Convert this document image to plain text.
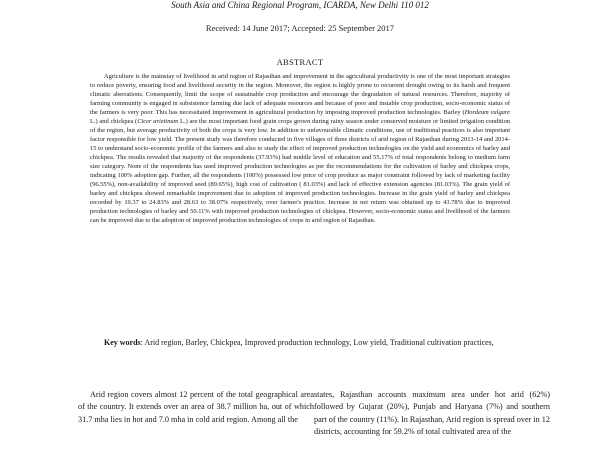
South Asia and China Regional Program, ICARDA, New Delhi 110 012
Received: 14 June 2017; Accepted: 25 September 2017
ABSTRACT

Agriculture is the mainstay of livelihood in arid region of Rajasthan and improvement in the agricultural productivity is one of the most important strategies to reduce poverty, ensuring food and livelihood security in the region. Moreover, the region is highly prone to recurrent drought owing to its harsh and frequent climatic aberrations. Consequently, limit the scope of sustainable crop production and encourage the degradation of natural resources. Therefore, majority of farming community is engaged in subsistence farming due lack of adequate resources and because of poor and instable crop production, socio-economic status of the farmers is very poor. This has necessitated improvement in agricultural production by imposing improved production technologies. Barley (Hordeum vulgare L.) and chickpea (Cicer arietinum L.) are the most important food grain crops grown during rainy season under conserved moisture or limited irrigation condition of the region, but average productivity of both the crops is very low. In addition to unfavourable climatic conditions, use of traditional practices is also important factor responsible for low yield. The present study was therefore conducted in five villages of three districts of arid region of Rajasthan during 2013-14 and 2014-15 to understand socio-economic profile of the farmers and also to study the effect of improved production technologies on the yield and economics of barley and chickpea. The results revealed that majority of the respondents (37.93%) had middle level of education and 55.17% of total respondents belong to medium farm size category. None of the respondents has used improved production technologies as per the recommendations for the cultivation of barley and chickpea crops, indicating 100% adoption gap. Further, all the respondents (100%) possessed low price of crop produce as major constraint followed by lack of marketing facility (96.55%), non-availability of improved seed (89.65%), high cost of cultivation ( 81.03%) and lack of effective extension agencies (81.03%). The grain yield of barley and chickpea showed remarkable improvement due to adoption of improved production technologies. Increase in the grain yield of barley and chickpea recorded by 19.37 to 24.83% and 28.63 to 38.07% respectively, over farmer's practice. Increase in net return was obtained up to 43.78% due to improved production technologies of barley and 50.11% with improved production technologies of chickpea. However, socio-economic status and livelihood of the farmers can be improved due to the adoption of improved production technologies of crops in arid region of Rajasthan.

Key words: Arid region, Barley, Chickpea, Improved production technology, Low yield, Traditional cultivation practices,

Arid region covers almost 12 percent of the total geographical area of the country. It extends over an area of 38.7 million ha, out of which 31.7 mha lies in hot and 7.0 mha in cold arid region. Among all the

states, Rajasthan accounts maximum area under hot arid (62%) followed by Gujarat (20%), Punjab and Haryana (7%) and southern part of the country (11%). In Rajasthan, Arid region is spread over in 12 districts, accounting for 59.2% of total cultivated area of the
